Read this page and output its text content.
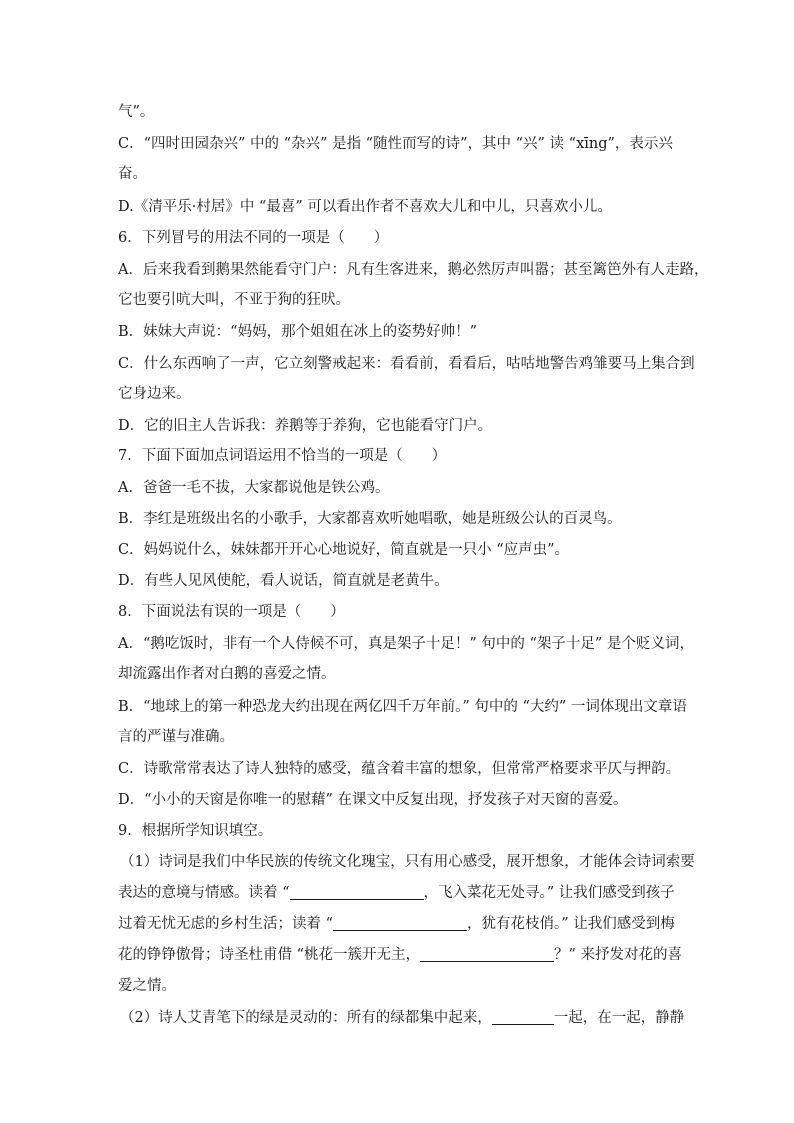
气”。
C．“四时田园杂兴” 中的 “杂兴” 是指 “随性而写的诗”，其中 “兴” 读 “xīng”，表示兴
奋。
D.《清平乐·村居》中 “最喜” 可以看出作者不喜欢大儿和中儿，只喜欢小儿。
6．下列冒号的用法不同的一项是（　　）
A．后来我看到鹅果然能看守门户：凡有生客进来，鹅必然厉声叫嚣；甚至篱笆外有人走路，
它也要引吭大叫，不亚于狗的狂吠。
B．妹妹大声说：“妈妈，那个姐姐在冰上的姿势好帅！”
C．什么东西响了一声，它立刻警戒起来：看看前，看看后，咕咕地警告鸡雏要马上集合到
它身边来。
D．它的旧主人告诉我：养鹅等于养狗，它也能看守门户。
7．下面下面加点词语运用不恰当的一项是（　　）
A．爸爸一毛不拔，大家都说他是铁公鸡。
B．李红是班级出名的小歌手，大家都喜欢听她唱歌，她是班级公认的百灵鸟。
C．妈妈说什么，妹妹都开开心心地说好，简直就是一只小 “应声虫”。
D．有些人见风使舵，看人说话，简直就是老黄牛。
8．下面说法有误的一项是（　　）
A．“鹅吃饭时，非有一个人侍候不可，真是架子十足！” 句中的 “架子十足” 是个贬义词，
却流露出作者对白鹅的喜爱之情。
B．“地球上的第一种恐龙大约出现在两亿四千万年前。” 句中的 “大约” 一词体现出文章语
言的严谨与准确。
C．诗歌常常表达了诗人独特的感受，蕴含着丰富的想象，但常常严格要求平仄与押韵。
D．“小小的天窗是你唯一的慰藉” 在课文中反复出现，抒发孩子对天窗的喜爱。
9．根据所学知识填空。
（1）诗词是我们中华民族的传统文化瑰宝，只有用心感受，展开想象，才能体会诗词索要
表达的意境与情感。读着 “	，飞入菜花无处寻。” 让我们感受到孩子
过着无忧无虑的乡村生活；读着 “	，犹有花枝俏。” 让我们感受到梅
花的铮铮傲骨；诗圣杜甫借 “桃花一簇开无主，	？” 来抒发对花的喜
爱之情。
（2）诗人艾青笔下的绿是灵动的：所有的绿都集中起来，	一起，在一起，静静
